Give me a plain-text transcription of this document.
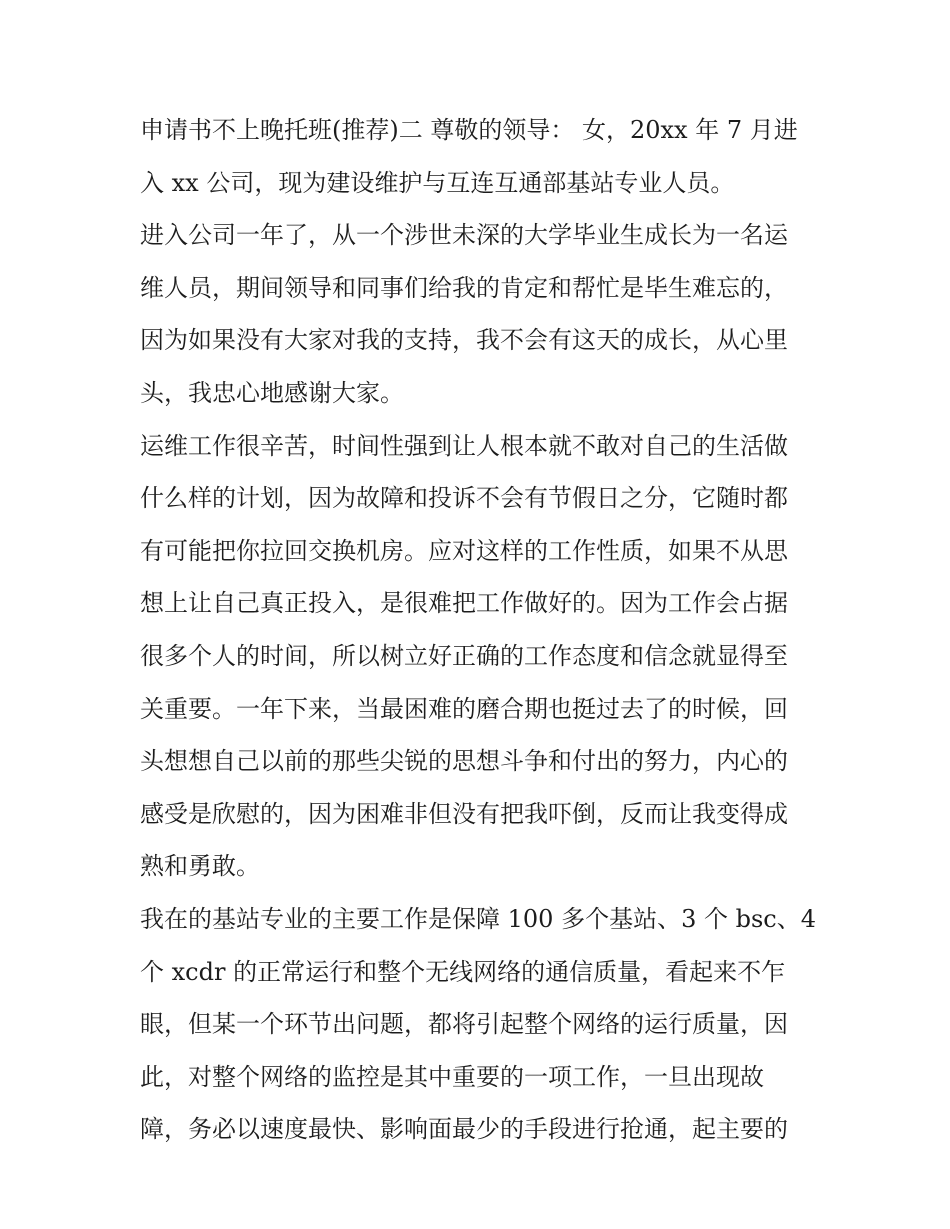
申请书不上晚托班(推荐)二 尊敬的领导： 女，20xx 年 7 月进
入 xx 公司，现为建设维护与互连互通部基站专业人员。
进入公司一年了，从一个涉世未深的大学毕业生成长为一名运
维人员，期间领导和同事们给我的肯定和帮忙是毕生难忘的，
因为如果没有大家对我的支持，我不会有这天的成长，从心里
头，我忠心地感谢大家。
运维工作很辛苦，时间性强到让人根本就不敢对自己的生活做
什么样的计划，因为故障和投诉不会有节假日之分，它随时都
有可能把你拉回交换机房。应对这样的工作性质，如果不从思
想上让自己真正投入，是很难把工作做好的。因为工作会占据
很多个人的时间，所以树立好正确的工作态度和信念就显得至
关重要。一年下来，当最困难的磨合期也挺过去了的时候，回
头想想自己以前的那些尖锐的思想斗争和付出的努力，内心的
感受是欣慰的，因为困难非但没有把我吓倒，反而让我变得成
熟和勇敢。
我在的基站专业的主要工作是保障 100 多个基站、3 个 bsc、4
个 xcdr 的正常运行和整个无线网络的通信质量，看起来不乍
眼，但某一个环节出问题，都将引起整个网络的运行质量，因
此，对整个网络的监控是其中重要的一项工作，一旦出现故
障，务必以速度最快、影响面最少的手段进行抢通，起主要的
